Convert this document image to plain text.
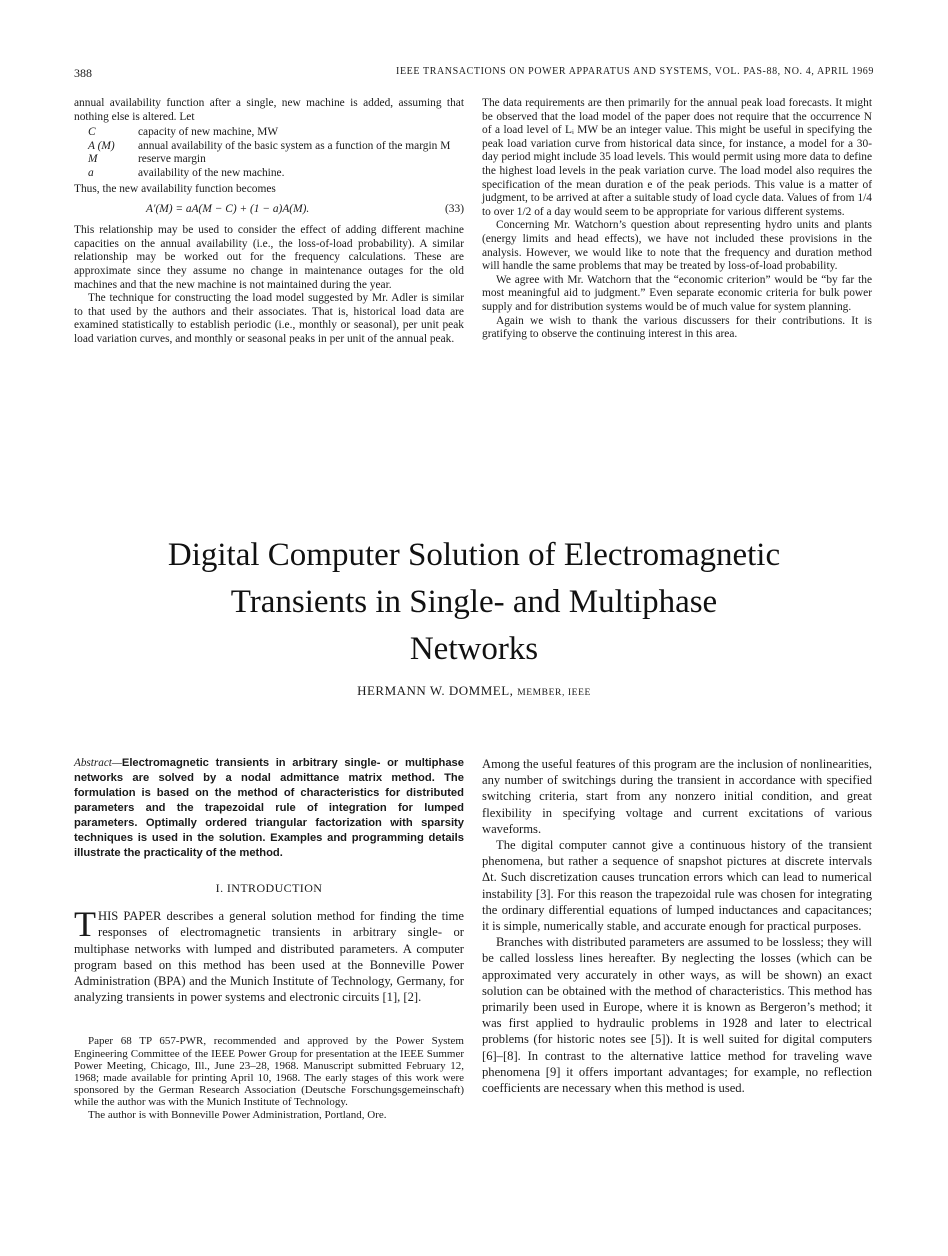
388	IEEE TRANSACTIONS ON POWER APPARATUS AND SYSTEMS, VOL. PAS-88, NO. 4, APRIL 1969

annual availability function after a single, new machine is added, assuming that nothing else is altered. Let

C	capacity of new machine, MW
A (M)	annual availability of the basic system as a function of the margin M
M	reserve margin
a	availability of the new machine.

Thus, the new availability function becomes

A′(M) = aA(M − C) + (1 − a)A(M).	(33)

This relationship may be used to consider the effect of adding different machine capacities on the annual availability (i.e., the loss-of-load probability). A similar relationship may be worked out for the frequency calculations. These are approximate since they assume no change in maintenance outages for the old machines and that the new machine is not maintained during the year.

The technique for constructing the load model suggested by Mr. Adler is similar to that used by the authors and their associates. That is, historical load data are examined statistically to establish periodic (i.e., monthly or seasonal), per unit peak load variation curves, and monthly or seasonal peaks in per unit of the annual peak.

The data requirements are then primarily for the annual peak load forecasts. It might be observed that the load model of the paper does not require that the occurrence N of a load level of Lᵢ MW be an integer value. This might be useful in specifying the peak load variation curve from historical data since, for instance, a model for a 30-day period might include 35 load levels. This would permit using more data to define the highest load levels in the peak variation curve. The load model also requires the specification of the mean duration e of the peak periods. This value is a matter of judgment, to be arrived at after a suitable study of load cycle data. Values of from 1/4 to over 1/2 of a day would seem to be appropriate for various different systems.

Concerning Mr. Watchorn’s question about representing hydro units and plants (energy limits and head effects), we have not included these provisions in the analysis. However, we would like to note that the frequency and duration method will handle the same problems that may be treated by loss-of-load probability.

We agree with Mr. Watchorn that the “economic criterion” would be “by far the most meaningful aid to judgment.” Even separate economic criteria for bulk power supply and for distribution systems would be of much value for system planning.

Again we wish to thank the various discussers for their contributions. It is gratifying to observe the continuing interest in this area.

Digital Computer Solution of Electromagnetic
Transients in Single- and Multiphase
Networks
HERMANN W. DOMMEL, MEMBER, IEEE

Abstract—Electromagnetic transients in arbitrary single- or multiphase networks are solved by a nodal admittance matrix method. The formulation is based on the method of characteristics for distributed parameters and the trapezoidal rule of integration for lumped parameters. Optimally ordered triangular factorization with sparsity techniques is used in the solution. Examples and programming details illustrate the practicality of the method.

I. INTRODUCTION

THIS PAPER describes a general solution method for finding the time responses of electromagnetic transients in arbitrary single- or multiphase networks with lumped and distributed parameters. A computer program based on this method has been used at the Bonneville Power Administration (BPA) and the Munich Institute of Technology, Germany, for analyzing transients in power systems and electronic circuits [1], [2].

Paper 68 TP 657-PWR, recommended and approved by the Power System Engineering Committee of the IEEE Power Group for presentation at the IEEE Summer Power Meeting, Chicago, Ill., June 23–28, 1968. Manuscript submitted February 12, 1968; made available for printing April 10, 1968. The early stages of this work were sponsored by the German Research Association (Deutsche Forschungsgemeinschaft) while the author was with the Munich Institute of Technology.

The author is with Bonneville Power Administration, Portland, Ore.

Among the useful features of this program are the inclusion of nonlinearities, any number of switchings during the transient in accordance with specified switching criteria, start from any nonzero initial condition, and great flexibility in specifying voltage and current excitations of various waveforms.

The digital computer cannot give a continuous history of the transient phenomena, but rather a sequence of snapshot pictures at discrete intervals Δt. Such discretization causes truncation errors which can lead to numerical instability [3]. For this reason the trapezoidal rule was chosen for integrating the ordinary differential equations of lumped inductances and capacitances; it is simple, numerically stable, and accurate enough for practical purposes.

Branches with distributed parameters are assumed to be lossless; they will be called lossless lines hereafter. By neglecting the losses (which can be approximated very accurately in other ways, as will be shown) an exact solution can be obtained with the method of characteristics. This method has primarily been used in Europe, where it is known as Bergeron’s method; it was first applied to hydraulic problems in 1928 and later to electrical problems (for historic notes see [5]). It is well suited for digital computers [6]–[8]. In contrast to the alternative lattice method for traveling wave phenomena [9] it offers important advantages; for example, no reflection coefficients are necessary when this method is used.
